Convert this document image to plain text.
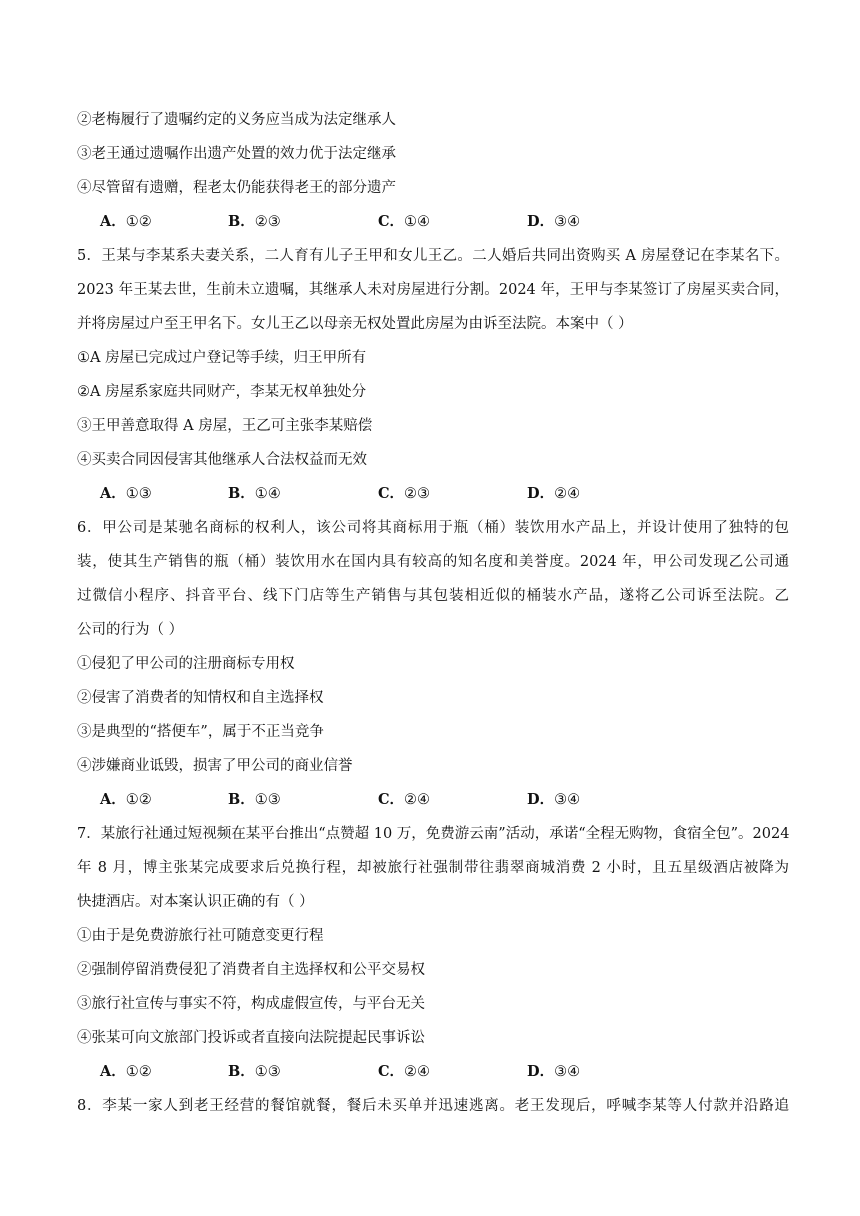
②老梅履行了遗嘱约定的义务应当成为法定继承人
③老王通过遗嘱作出遗产处置的效力优于法定继承
④尽管留有遗赠，程老太仍能获得老王的部分遗产
A．①②	B．②③	C．①④	D．③④
5．王某与李某系夫妻关系，二人育有儿子王甲和女儿王乙。二人婚后共同出资购买 A 房屋登记在李某名下。
2023 年王某去世，生前未立遗嘱，其继承人未对房屋进行分割。2024 年，王甲与李某签订了房屋买卖合同，
并将房屋过户至王甲名下。女儿王乙以母亲无权处置此房屋为由诉至法院。本案中（ ）
①A 房屋已完成过户登记等手续，归王甲所有
②A 房屋系家庭共同财产，李某无权单独处分
③王甲善意取得 A 房屋，王乙可主张李某赔偿
④买卖合同因侵害其他继承人合法权益而无效
A．①③	B．①④	C．②③	D．②④
6．甲公司是某驰名商标的权利人，该公司将其商标用于瓶（桶）装饮用水产品上，并设计使用了独特的包
装，使其生产销售的瓶（桶）装饮用水在国内具有较高的知名度和美誉度。2024 年，甲公司发现乙公司通
过微信小程序、抖音平台、线下门店等生产销售与其包装相近似的桶装水产品，遂将乙公司诉至法院。乙
公司的行为（ ）
①侵犯了甲公司的注册商标专用权
②侵害了消费者的知情权和自主选择权
③是典型的“搭便车”，属于不正当竞争
④涉嫌商业诋毁，损害了甲公司的商业信誉
A．①②	B．①③	C．②④	D．③④
7．某旅行社通过短视频在某平台推出“点赞超 10 万，免费游云南”活动，承诺“全程无购物，食宿全包”。2024
年 8 月，博主张某完成要求后兑换行程，却被旅行社强制带往翡翠商城消费 2 小时，且五星级酒店被降为
快捷酒店。对本案认识正确的有（ ）
①由于是免费游旅行社可随意变更行程
②强制停留消费侵犯了消费者自主选择权和公平交易权
③旅行社宣传与事实不符，构成虚假宣传，与平台无关
④张某可向文旅部门投诉或者直接向法院提起民事诉讼
A．①②	B．①③	C．②④	D．③④
8．李某一家人到老王经营的餐馆就餐，餐后未买单并迅速逃离。老王发现后，呼喊李某等人付款并沿路追
